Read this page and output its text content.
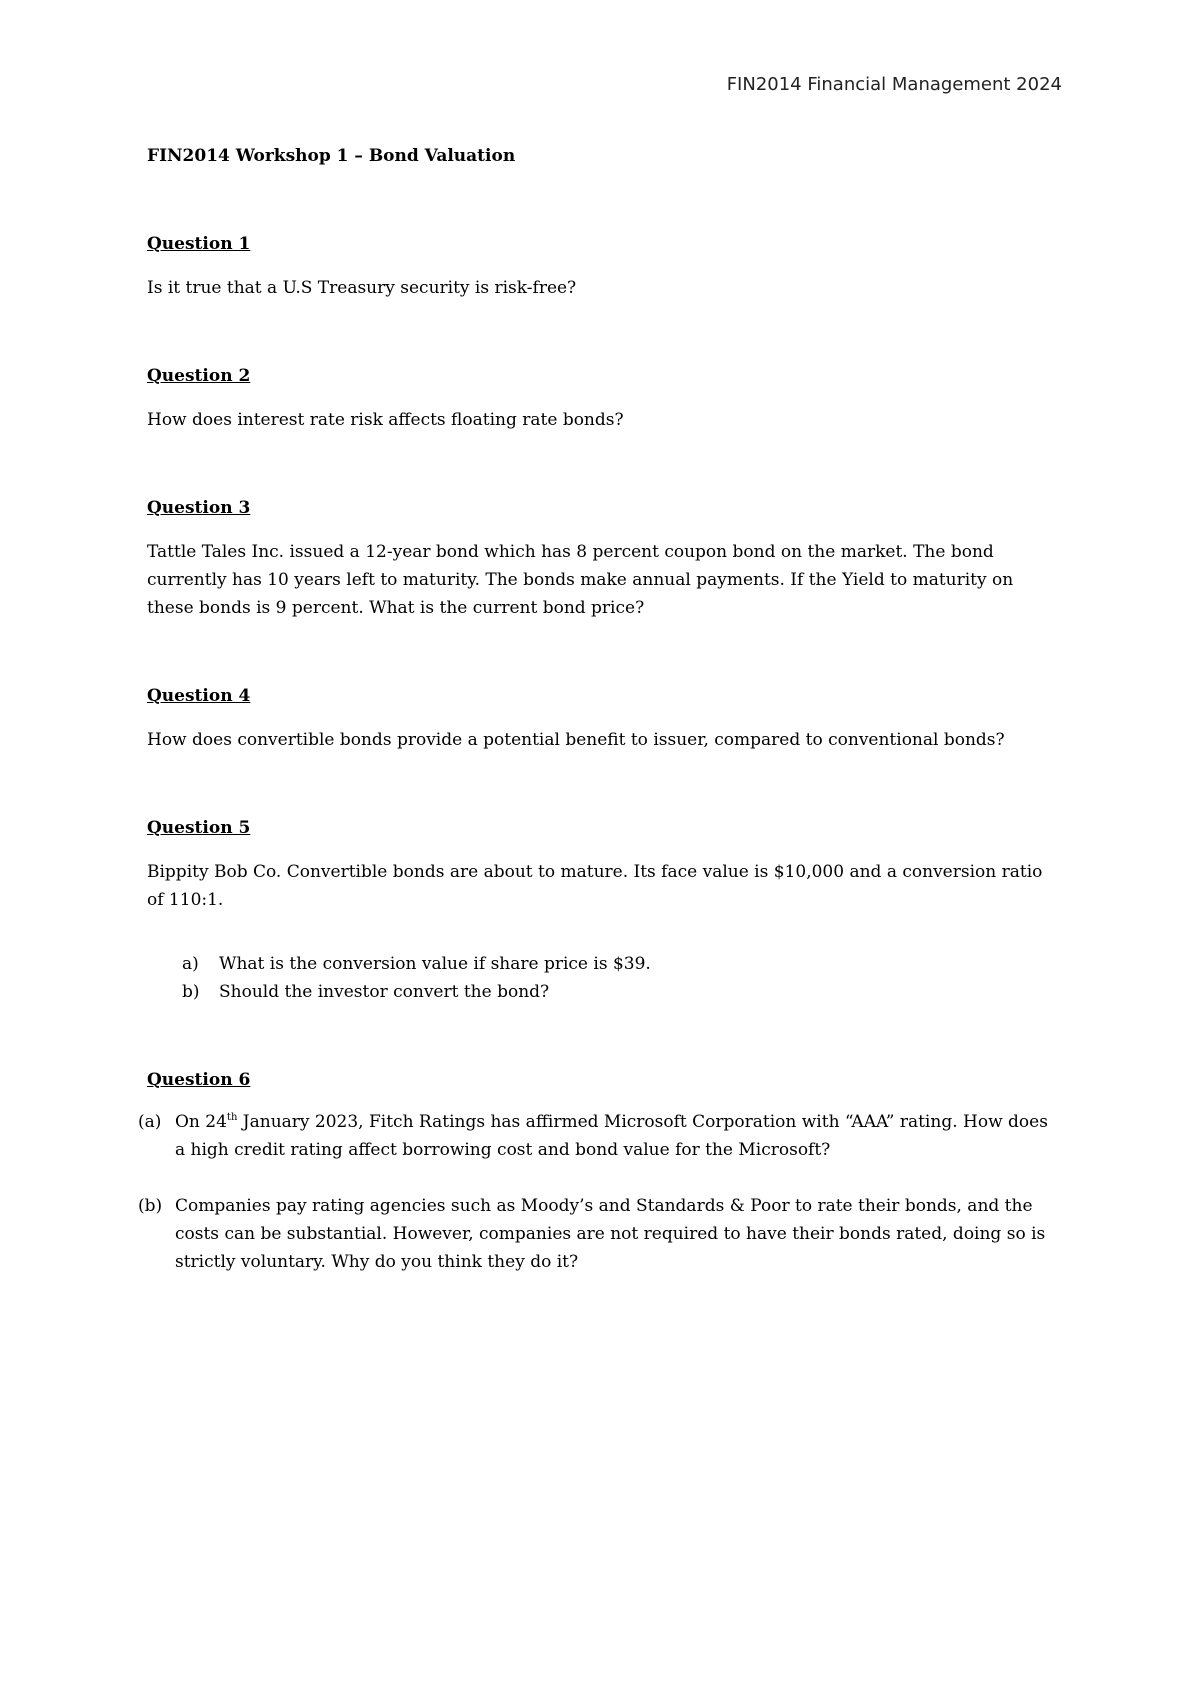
FIN2014 Financial Management 2024

FIN2014 Workshop 1 – Bond Valuation

Question 1

Is it true that a U.S Treasury security is risk-free?

Question 2

How does interest rate risk affects floating rate bonds?

Question 3

Tattle Tales Inc. issued a 12-year bond which has 8 percent coupon bond on the market. The bond currently has 10 years left to maturity. The bonds make annual payments. If the Yield to maturity on these bonds is 9 percent. What is the current bond price?

Question 4

How does convertible bonds provide a potential benefit to issuer, compared to conventional bonds?

Question 5

Bippity Bob Co. Convertible bonds are about to mature. Its face value is $10,000 and a conversion ratio of 110:1.

a) What is the conversion value if share price is $39.
b) Should the investor convert the bond?

Question 6

(a) On 24th January 2023, Fitch Ratings has affirmed Microsoft Corporation with “AAA” rating. How does a high credit rating affect borrowing cost and bond value for the Microsoft?
(b) Companies pay rating agencies such as Moody’s and Standards & Poor to rate their bonds, and the costs can be substantial. However, companies are not required to have their bonds rated, doing so is strictly voluntary. Why do you think they do it?
